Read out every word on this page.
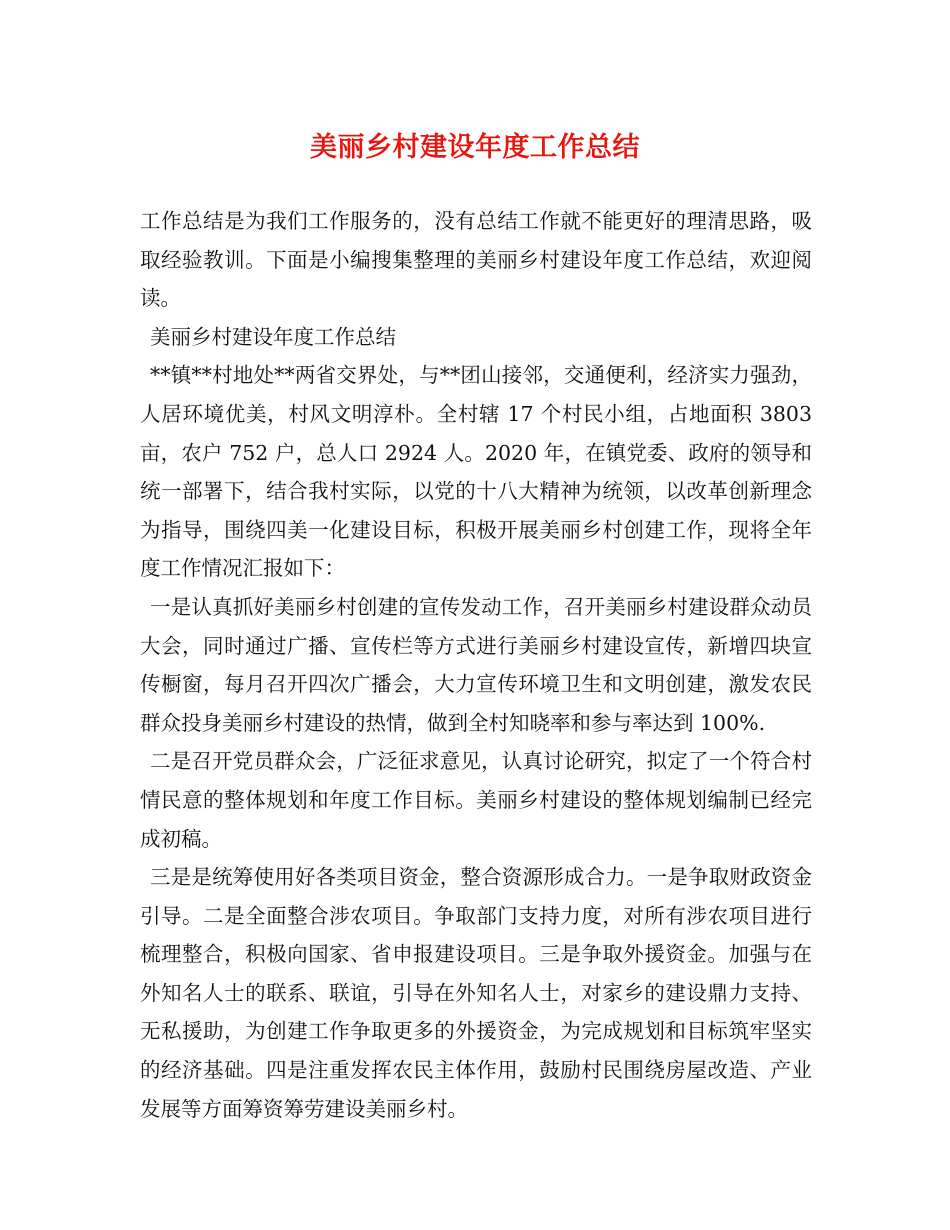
美丽乡村建设年度工作总结

工作总结是为我们工作服务的，没有总结工作就不能更好的理清思路，吸取经验教训。下面是小编搜集整理的美丽乡村建设年度工作总结，欢迎阅读。

美丽乡村建设年度工作总结

**镇**村地处**两省交界处，与**团山接邻，交通便利，经济实力强劲，人居环境优美，村风文明淳朴。全村辖 17 个村民小组，占地面积 3803 亩，农户 752 户，总人口 2924 人。2020 年，在镇党委、政府的领导和统一部署下，结合我村实际，以党的十八大精神为统领，以改革创新理念为指导，围绕四美一化建设目标，积极开展美丽乡村创建工作，现将全年度工作情况汇报如下：

一是认真抓好美丽乡村创建的宣传发动工作，召开美丽乡村建设群众动员大会，同时通过广播、宣传栏等方式进行美丽乡村建设宣传，新增四块宣传橱窗，每月召开四次广播会，大力宣传环境卫生和文明创建，激发农民群众投身美丽乡村建设的热情，做到全村知晓率和参与率达到 100%.

二是召开党员群众会，广泛征求意见，认真讨论研究，拟定了一个符合村情民意的整体规划和年度工作目标。美丽乡村建设的整体规划编制已经完成初稿。

三是是统筹使用好各类项目资金，整合资源形成合力。一是争取财政资金引导。二是全面整合涉农项目。争取部门支持力度，对所有涉农项目进行梳理整合，积极向国家、省申报建设项目。三是争取外援资金。加强与在外知名人士的联系、联谊，引导在外知名人士，对家乡的建设鼎力支持、无私援助，为创建工作争取更多的外援资金，为完成规划和目标筑牢坚实的经济基础。四是注重发挥农民主体作用，鼓励村民围绕房屋改造、产业发展等方面筹资筹劳建设美丽乡村。
